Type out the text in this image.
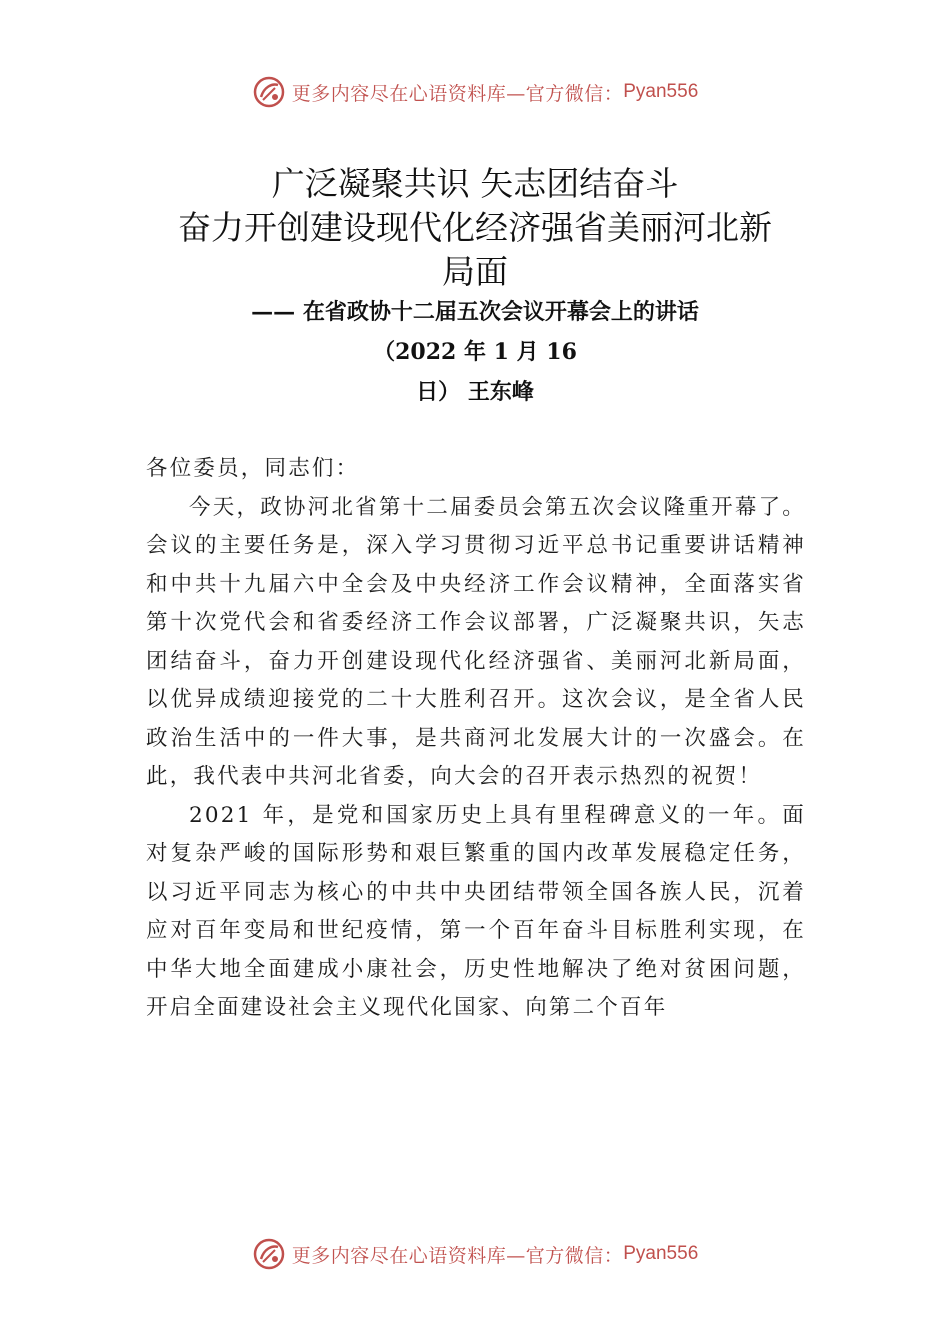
更多内容尽在心语资料库—官方微信： Pyan556
广泛凝聚共识 矢志团结奋斗
奋力开创建设现代化经济强省美丽河北新
局面
—— 在省政协十二届五次会议开幕会上的讲话
（2022 年 1 月 16
日） 王东峰

各位委员，同志们：

今天，政协河北省第十二届委员会第五次会议隆重开幕了。会议的主要任务是，深入学习贯彻习近平总书记重要讲话精神和中共十九届六中全会及中央经济工作会议精神，全面落实省第十次党代会和省委经济工作会议部署，广泛凝聚共识，矢志团结奋斗，奋力开创建设现代化经济强省、美丽河北新局面，以优异成绩迎接党的二十大胜利召开。这次会议，是全省人民政治生活中的一件大事，是共商河北发展大计的一次盛会。在此，我代表中共河北省委，向大会的召开表示热烈的祝贺！

2021 年，是党和国家历史上具有里程碑意义的一年。面对复杂严峻的国际形势和艰巨繁重的国内改革发展稳定任务，以习近平同志为核心的中共中央团结带领全国各族人民，沉着应对百年变局和世纪疫情，第一个百年奋斗目标胜利实现，在中华大地全面建成小康社会，历史性地解决了绝对贫困问题，开启全面建设社会主义现代化国家、向第二个百年

更多内容尽在心语资料库—官方微信： Pyan556
